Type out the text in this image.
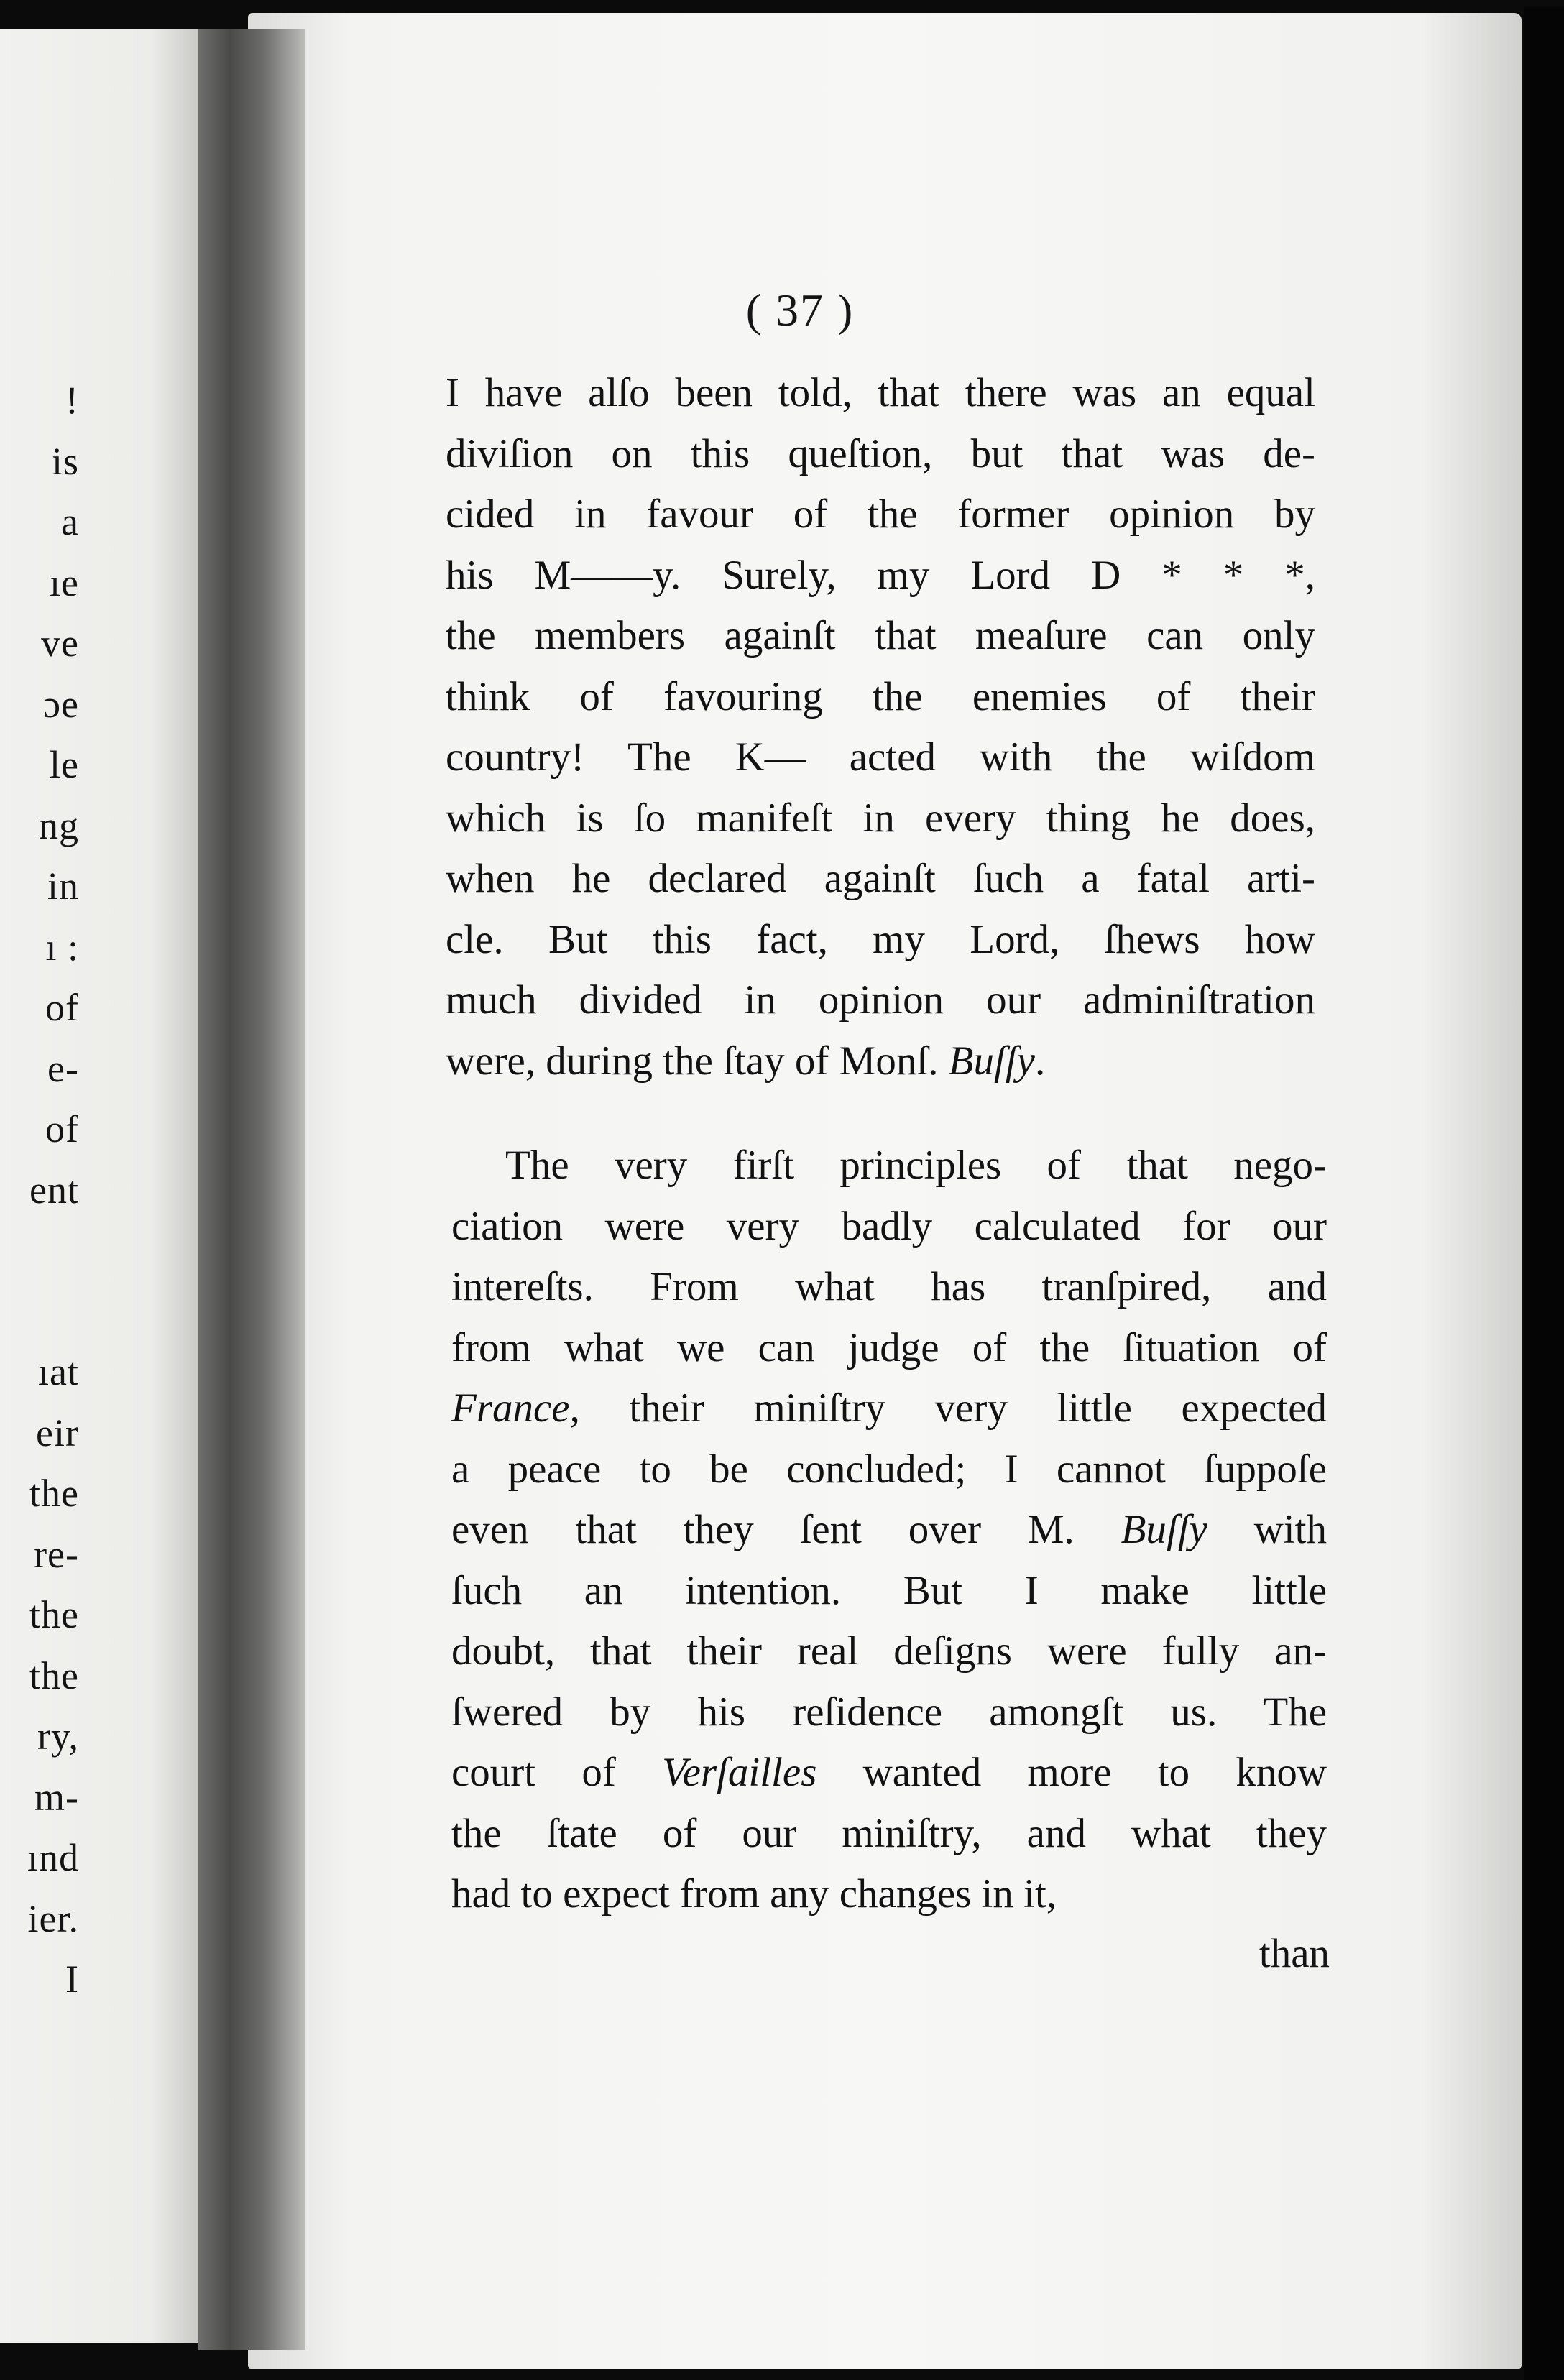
!
is
a
ıe
ve
ɔe
le
ng
in
ı :
of
e-
of
ent
ıat
eir
the
re-
the
the
ry,
m-
ınd
ier.
I
( 37 )
I have alſo been told, that there was an equal
diviſion on this queſtion, but that was de-
cided in favour of the former opinion by
his M——y. Surely, my Lord D * * *,
the members againſt that meaſure can only
think of favouring the enemies of their
country! The K— acted with the wiſdom
which is ſo manifeſt in every thing he does,
when he declared againſt ſuch a fatal arti-
cle. But this fact, my Lord, ſhews how
much divided in opinion our adminiſtration
were, during the ſtay of Monſ. Buſſy.
The very firſt principles of that nego-
ciation were very badly calculated for our
intereſts. From what has tranſpired, and
from what we can judge of the ſituation of
France, their miniſtry very little expected
a peace to be concluded; I cannot ſuppoſe
even that they ſent over M. Buſſy with
ſuch an intention. But I make little
doubt, that their real deſigns were fully an-
ſwered by his reſidence amongſt us. The
court of Verſailles wanted more to know
the ſtate of our miniſtry, and what they
had to expect from any changes in it,
than
